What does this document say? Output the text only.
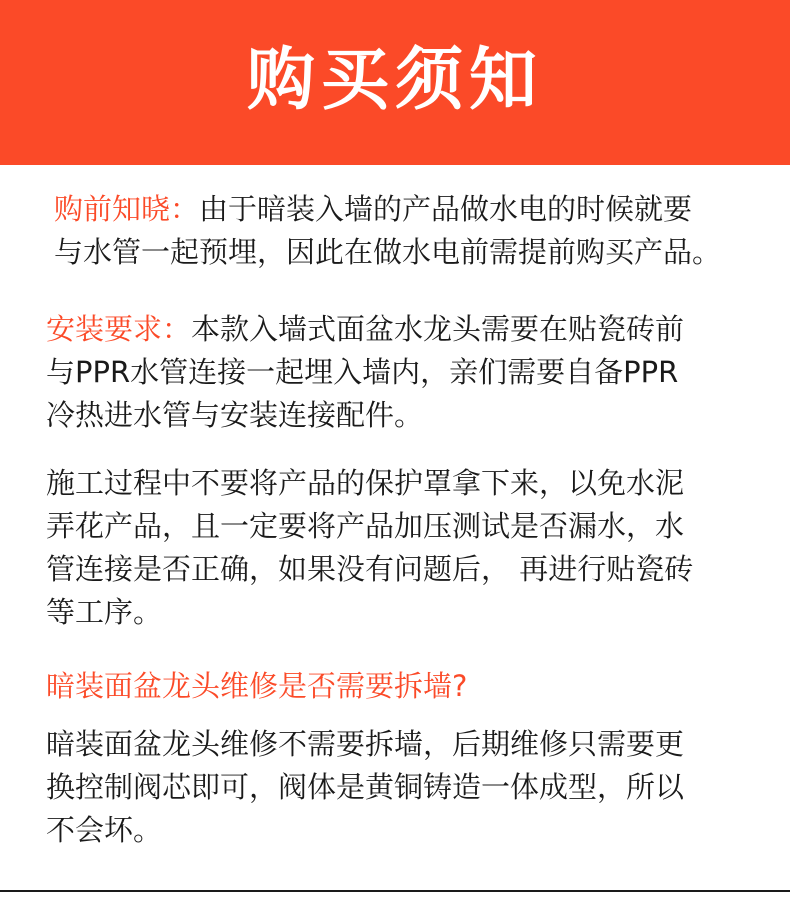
购买须知
购前知晓：由于暗装入墙的产品做水电的时候就要
与水管一起预埋，因此在做水电前需提前购买产品。
安装要求：本款入墙式面盆水龙头需要在贴瓷砖前
与PPR水管连接一起埋入墙内，亲们需要自备PPR
冷热进水管与安装连接配件。
施工过程中不要将产品的保护罩拿下来，以免水泥
弄花产品，且一定要将产品加压测试是否漏水，水
管连接是否正确，如果没有问题后， 再进行贴瓷砖
等工序。
暗装面盆龙头维修是否需要拆墙?
暗装面盆龙头维修不需要拆墙，后期维修只需要更
换控制阀芯即可，阀体是黄铜铸造一体成型，所以
不会坏。
